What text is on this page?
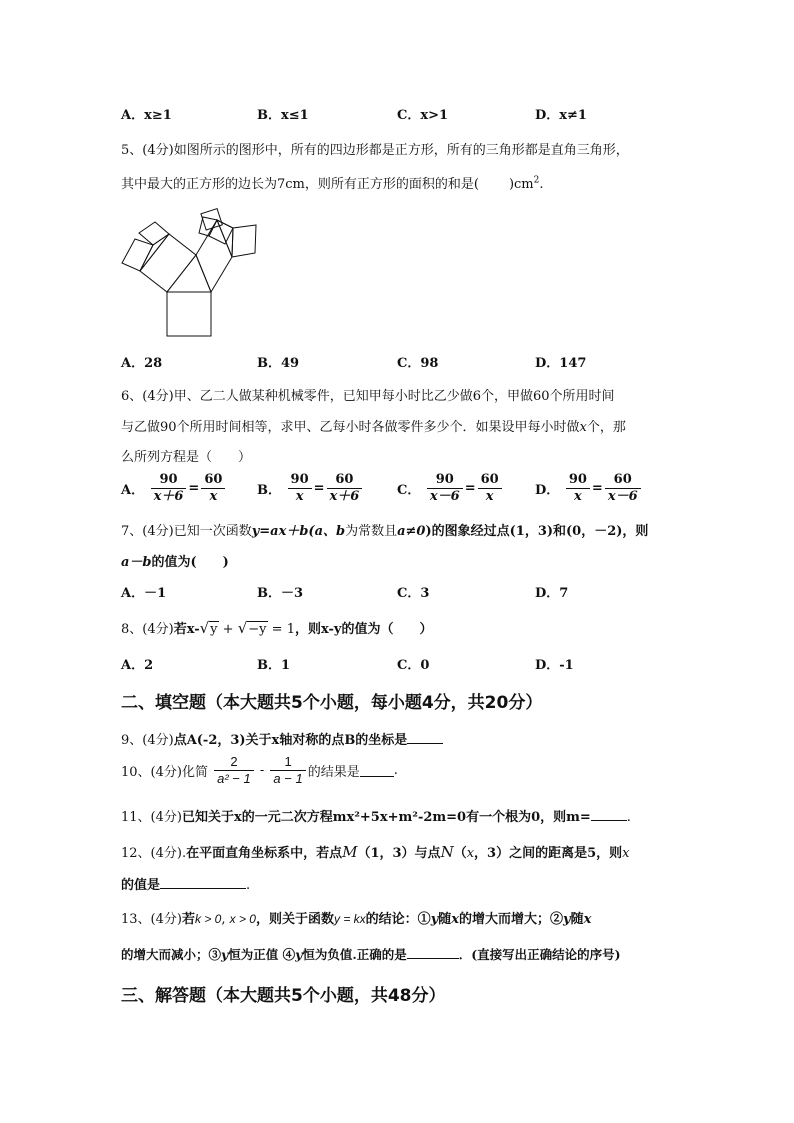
A．x≥1	B．x≤1	C．x>1	D．x≠1
5、(4分)如图所示的图形中，所有的四边形都是正方形，所有的三角形都是直角三角形，
其中最大的正方形的边长为7cm，则所有正方形的面积的和是( )$cm^2$.
A．28	B．49	C．98	D．147
6、(4分)甲、乙二人做某种机械零件，已知甲每小时比乙少做6个，甲做60个所用时间
与乙做90个所用时间相等，求甲、乙每小时各做零件多少个．如果设甲每小时做x个，那
么所列方程是（　　）
A． $\frac{90}{x+6} = \frac{60}{x}$ B． $\frac{90}{x} = \frac{60}{x+6}$	C． $\frac{90}{x-6} = \frac{60}{x}$	D． $\frac{90}{x} = \frac{60}{x-6}$
7、(4分)已知一次函数y=ax＋b(a、b为常数且a≠0)的图象经过点(1，3)和(0，－2)，则
a－b的值为(　　)
A．－1	B．－3	C．3	D．7
8、(4分)若x-√y + √−y = 1，则x-y的值为（　　）
A．2	B．1	C．0	D．-1
二、填空题（本大题共5个小题，每小题4分，共20分）
9、(4分)点A(-2，3)关于x轴对称的点B的坐标是
10、(4分)化简 $\frac{2}{\text{a² − 1}} - \frac{1}{a - 1}$ 的结果是	.
11、(4分)已知关于x的一元二次方程mx²+5x+m²-2m=0有一个根为0，则m=	.
12、(4分).在平面直角坐标系中，若点M（1，3）与点N（x，3）之间的距离是5，则x
的值是	.
13、(4分)若k > 0, x > 0，则关于函数y = kx的结论：①y随x的增大而增大；②y随x
的增大而减小；③y恒为正值 ④y恒为负值.正确的是	．(直接写出正确结论的序号)
三、解答题（本大题共5个小题，共48分）
